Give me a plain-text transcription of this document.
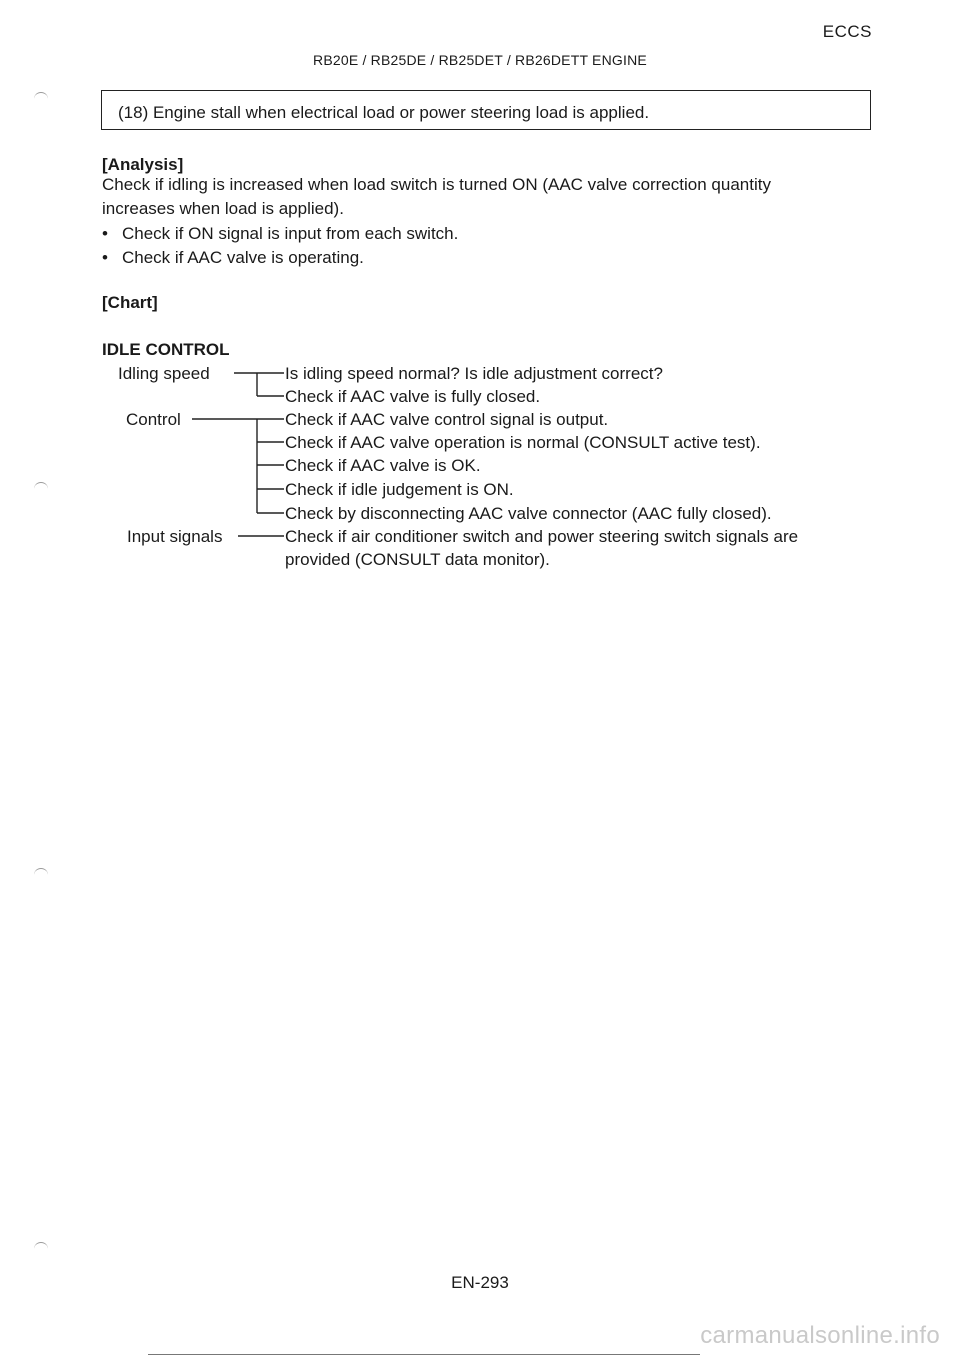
ECCS
RB20E / RB25DE / RB25DET / RB26DETT ENGINE
(18) Engine stall when electrical load or power steering load is applied.
[Analysis]
Check if idling is increased when load switch is turned ON (AAC valve correction quantity
increases when load is applied).
• Check if ON signal is input from each switch.
• Check if AAC valve is operating.
[Chart]
IDLE CONTROL
Idling speed
Control
Input signals
Is idling speed normal? Is idle adjustment correct?
Check if AAC valve is fully closed.
Check if AAC valve control signal is output.
Check if AAC valve operation is normal (CONSULT active test).
Check if AAC valve is OK.
Check if idle judgement is ON.
Check by disconnecting AAC valve connector (AAC fully closed).
Check if air conditioner switch and power steering switch signals are
provided (CONSULT data monitor).
EN-293
carmanualsonline.info
